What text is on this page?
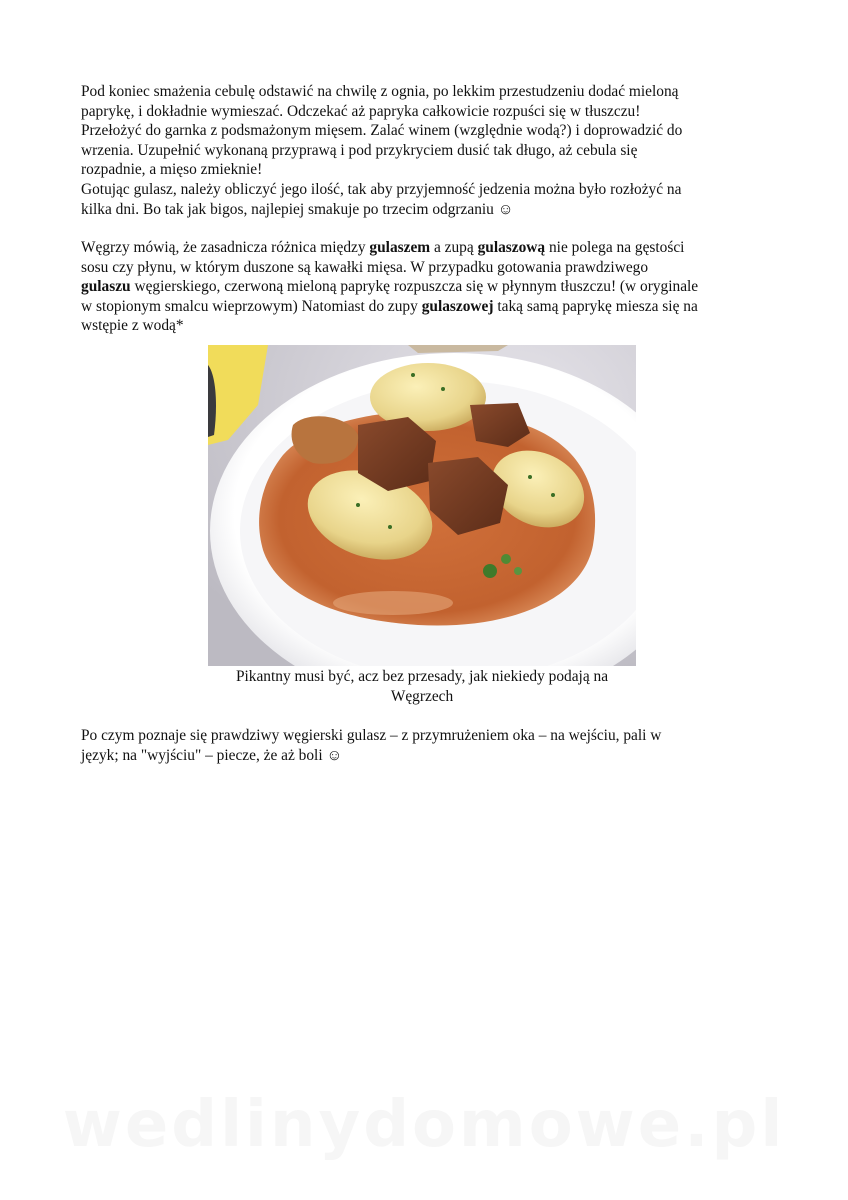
Pod koniec smażenia cebulę odstawić na chwilę z ognia, po lekkim przestudzeniu dodać mieloną
paprykę, i dokładnie wymieszać. Odczekać aż papryka całkowicie rozpuści się w tłuszczu!
Przełożyć do garnka z podsmażonym mięsem. Zalać winem (względnie wodą?) i doprowadzić do
wrzenia. Uzupełnić wykonaną przyprawą i pod przykryciem dusić tak długo, aż cebula się
rozpadnie, a mięso zmieknie!
Gotując gulasz, należy obliczyć jego ilość, tak aby przyjemność jedzenia można było rozłożyć na
kilka dni. Bo tak jak bigos, najlepiej smakuje po trzecim odgrzaniu ☺

Węgrzy mówią, że zasadnicza różnica między gulaszem a zupą gulaszową nie polega na gęstości
sosu czy płynu, w którym duszone są kawałki mięsa. W przypadku gotowania prawdziwego
gulaszu węgierskiego, czerwoną mieloną paprykę rozpuszcza się w płynnym tłuszczu! (w oryginale
w stopionym smalcu wieprzowym) Natomiast do zupy gulaszowej taką samą paprykę miesza się na
wstępie z wodą*

Pikantny musi być, acz bez przesady, jak niekiedy podają na
Węgrzech

Po czym poznaje się prawdziwy węgierski gulasz – z przymrużeniem oka – na wejściu, pali w
język; na "wyjściu" – piecze, że aż boli ☺

wedlinydomowe.pl
